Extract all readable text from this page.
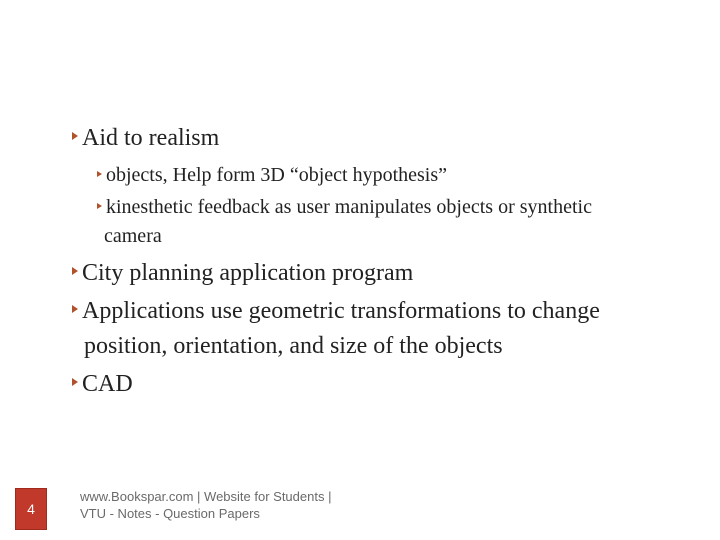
Aid to realism
objects, Help form 3D “object hypothesis”
kinesthetic feedback as user manipulates objects or synthetic
camera
City planning application program
Applications use geometric transformations to change
position, orientation, and size of the objects
CAD
4
www.Bookspar.com | Website for Students |
VTU - Notes - Question Papers
